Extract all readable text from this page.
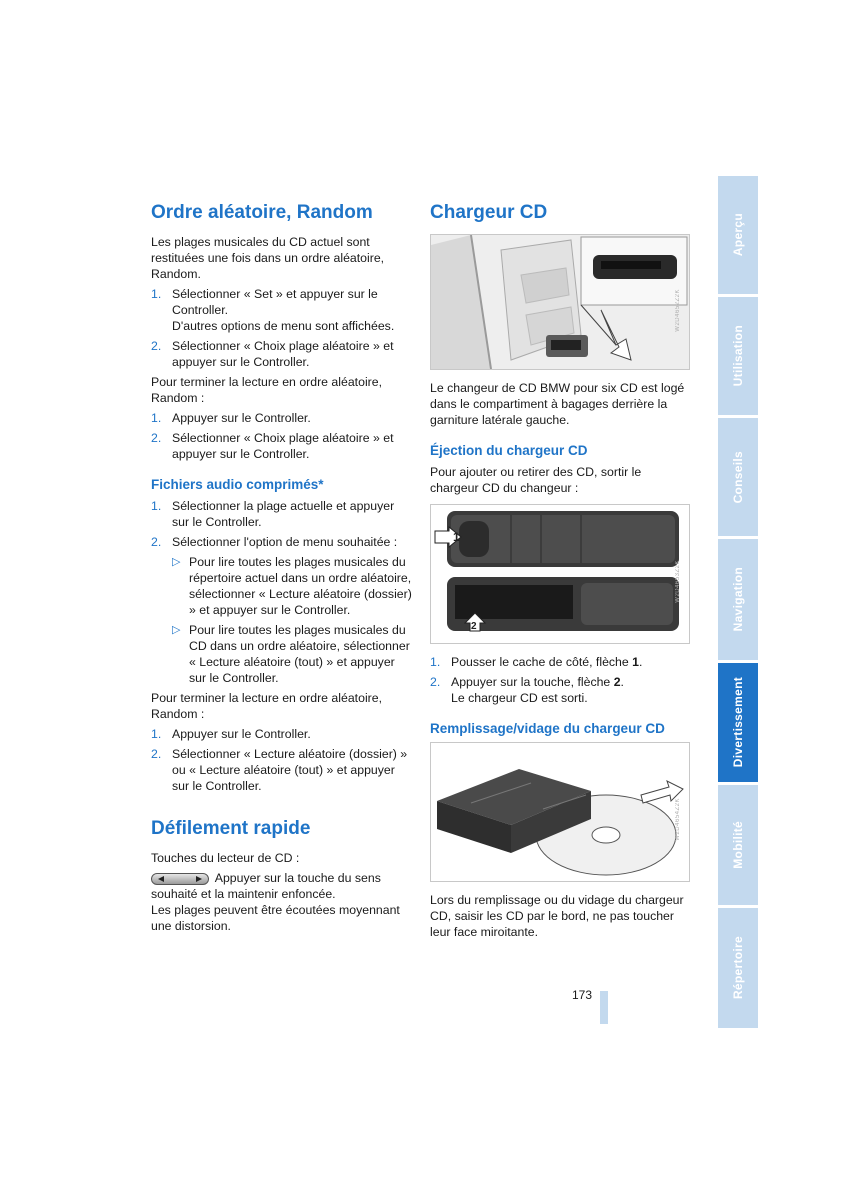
Ordre aléatoire, Random

Les plages musicales du CD actuel sont restituées une fois dans un ordre aléatoire, Random.

1. Sélectionner « Set » et appuyer sur le Controller.
D'autres options de menu sont affichées.
2. Sélectionner « Choix plage aléatoire » et appuyer sur le Controller.

Pour terminer la lecture en ordre aléatoire, Random :

1. Appuyer sur le Controller.
2. Sélectionner « Choix plage aléatoire » et appuyer sur le Controller.
Fichiers audio comprimés*
1. Sélectionner la plage actuelle et appuyer sur le Controller.
2. Sélectionner l'option de menu souhaitée :
▷ Pour lire toutes les plages musicales du répertoire actuel dans un ordre aléatoire, sélectionner « Lecture aléatoire (dossier) » et appuyer sur le Controller.
▷ Pour lire toutes les plages musicales du CD dans un ordre aléatoire, sélectionner « Lecture aléatoire (tout) » et appuyer sur le Controller.

Pour terminer la lecture en ordre aléatoire, Random :

1. Appuyer sur le Controller.
2. Sélectionner « Lecture aléatoire (dossier) » ou « Lecture aléatoire (tout) » et appuyer sur le Controller.
Défilement rapide

Touches du lecteur de CD :

Appuyer sur la touche du sens souhaité et la maintenir enfoncée.

Les plages peuvent être écoutées moyennant une distorsion.

Chargeur CD
W2D4652Z2K

Le changeur de CD BMW pour six CD est logé dans le compartiment à bagages derrière la garniture latérale gauche.

Éjection du chargeur CD

Pour ajouter ou retirer des CD, sortir le chargeur CD du changeur :

1
2
W2D4653Z2K
1. Pousser le cache de côté, flèche 1.
2. Appuyer sur la touche, flèche 2.
Le chargeur CD est sorti.
Remplissage/vidage du chargeur CD
W2D4654Z2K

Lors du remplissage ou du vidage du chargeur CD, saisir les CD par le bord, ne pas toucher leur face miroitante.

Aperçu
Utilisation
Conseils
Navigation
Divertissement
Mobilité
Répertoire
173
